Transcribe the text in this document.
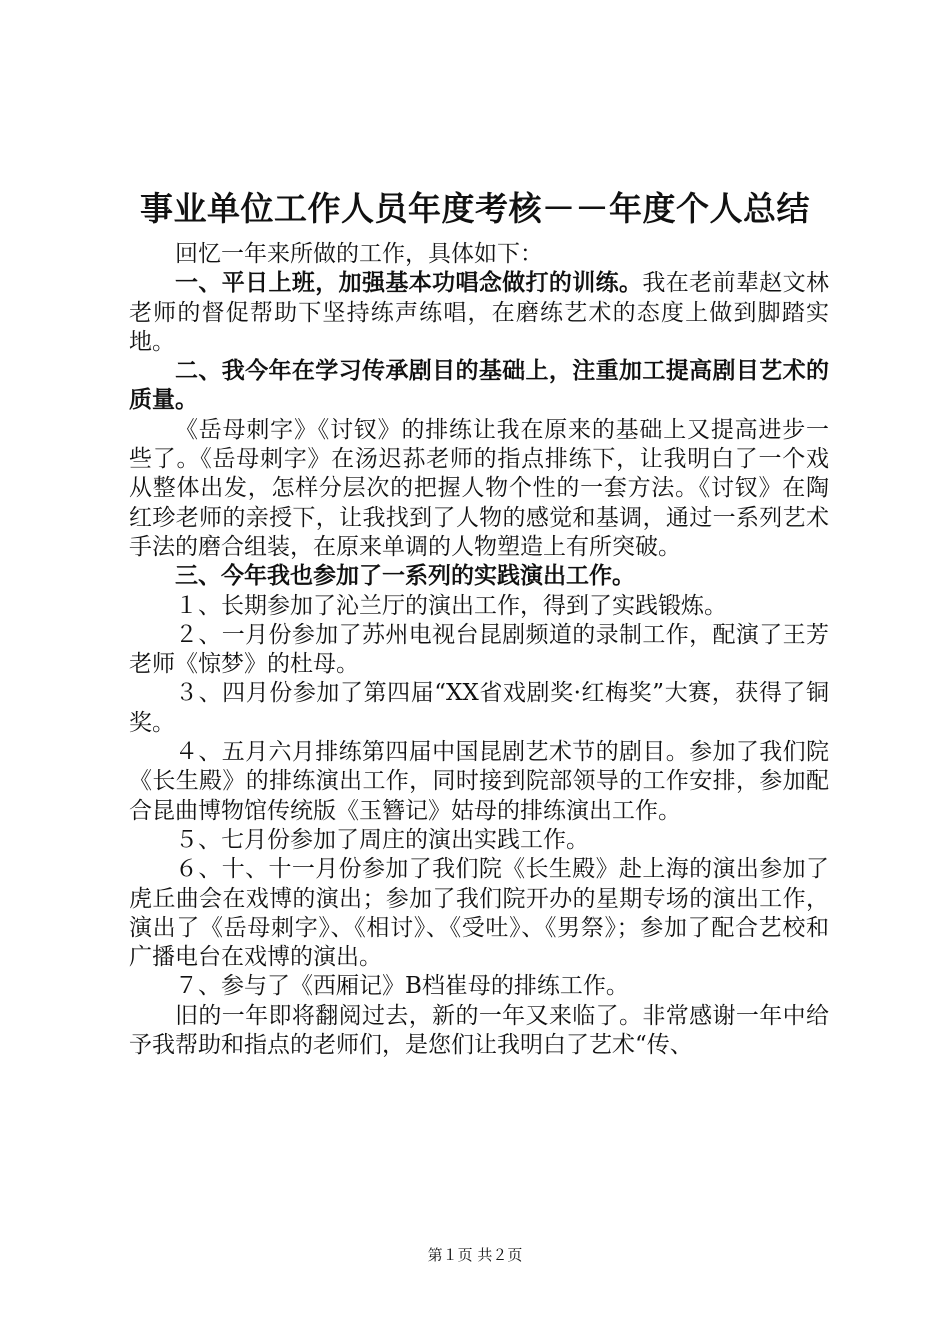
事业单位工作人员年度考核－－年度个人总结

回忆一年来所做的工作，具体如下：

一、平日上班，加强基本功唱念做打的训练。我在老前辈赵文林老师的督促帮助下坚持练声练唱，在磨练艺术的态度上做到脚踏实地。

二、我今年在学习传承剧目的基础上，注重加工提高剧目艺术的质量。

《岳母刺字》《讨钗》的排练让我在原来的基础上又提高进步一些了。《岳母刺字》在汤迟荪老师的指点排练下，让我明白了一个戏从整体出发，怎样分层次的把握人物个性的一套方法。《讨钗》在陶红珍老师的亲授下，让我找到了人物的感觉和基调，通过一系列艺术手法的磨合组装，在原来单调的人物塑造上有所突破。

三、今年我也参加了一系列的实践演出工作。

１、长期参加了沁兰厅的演出工作，得到了实践锻炼。

２、一月份参加了苏州电视台昆剧频道的录制工作，配演了王芳老师《惊梦》的杜母。

３、四月份参加了第四届“XX省戏剧奖·红梅奖”大赛，获得了铜奖。

４、五月六月排练第四届中国昆剧艺术节的剧目。参加了我们院《长生殿》的排练演出工作，同时接到院部领导的工作安排，参加配合昆曲博物馆传统版《玉簪记》姑母的排练演出工作。

５、七月份参加了周庄的演出实践工作。

６、十、十一月份参加了我们院《长生殿》赴上海的演出参加了虎丘曲会在戏博的演出；参加了我们院开办的星期专场的演出工作，演出了《岳母刺字》、《相讨》、《受吐》、《男祭》；参加了配合艺校和广播电台在戏博的演出。

７、参与了《西厢记》B档崔母的排练工作。

旧的一年即将翻阅过去，新的一年又来临了。非常感谢一年中给予我帮助和指点的老师们，是您们让我明白了艺术“传、

第１页 共２页
